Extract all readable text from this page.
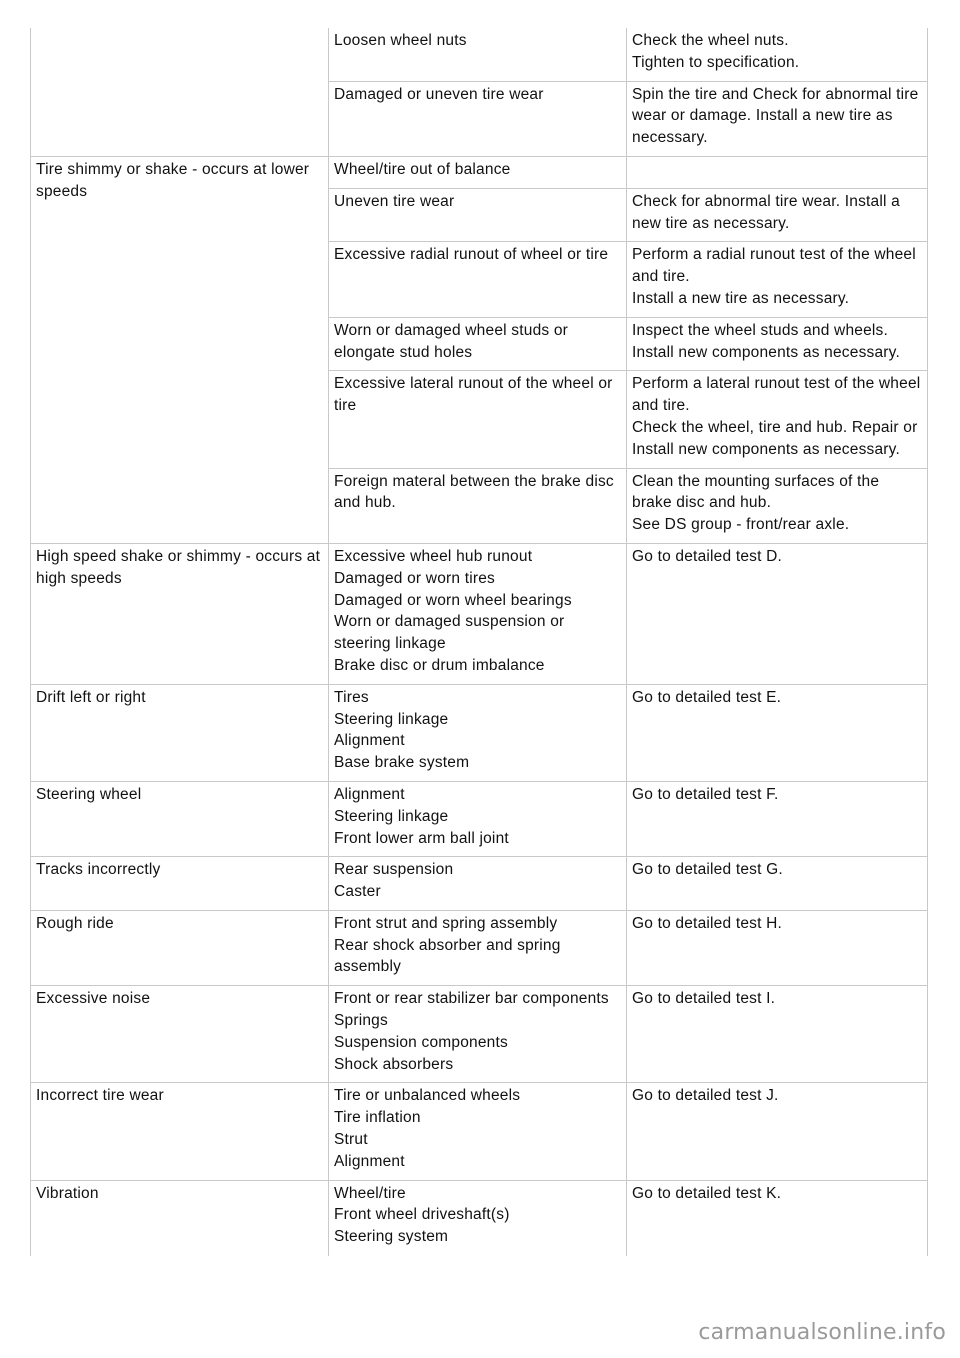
	Loosen wheel nuts	Check the wheel nuts.
Tighten to specification.

	Damaged or uneven tire wear	Spin the tire and Check for abnormal tire wear or damage. Install a new tire as necessary.

Tire shimmy or shake - occurs at lower speeds	Wheel/tire out of balance	

	Uneven tire wear	Check for abnormal tire wear. Install a new tire as necessary.

	Excessive radial runout of wheel or tire	Perform a radial runout test of the wheel and tire.
Install a new tire as necessary.

	Worn or damaged wheel studs or elongate stud holes	Inspect the wheel studs and wheels.
Install new components as necessary.

	Excessive lateral runout of the wheel or tire	Perform a lateral runout test of the wheel and tire.
Check the wheel, tire and hub. Repair or Install new components as necessary.

	Foreign materal between the brake disc and hub.	Clean the mounting surfaces of the brake disc and hub.
See DS group - front/rear axle.

High speed shake or shimmy - occurs at high speeds	Excessive wheel hub runout
Damaged or worn tires
Damaged or worn wheel bearings
Worn or damaged suspension or steering linkage
Brake disc or drum imbalance	Go to detailed test D.

Drift left or right	Tires
Steering linkage
Alignment
Base brake system	Go to detailed test E.

Steering wheel	Alignment
Steering linkage
Front lower arm ball joint	Go to detailed test F.

Tracks incorrectly	Rear suspension
Caster	Go to detailed test G.

Rough ride	Front strut and spring assembly
Rear shock absorber and spring assembly	Go to detailed test H.

Excessive noise	Front or rear stabilizer bar components
Springs
Suspension components
Shock absorbers	Go to detailed test I.

Incorrect tire wear	Tire or unbalanced wheels
Tire inflation
Strut
Alignment	Go to detailed test J.

Vibration	Wheel/tire
Front wheel driveshaft(s)
Steering system	Go to detailed test K.
carmanualsonline.info
